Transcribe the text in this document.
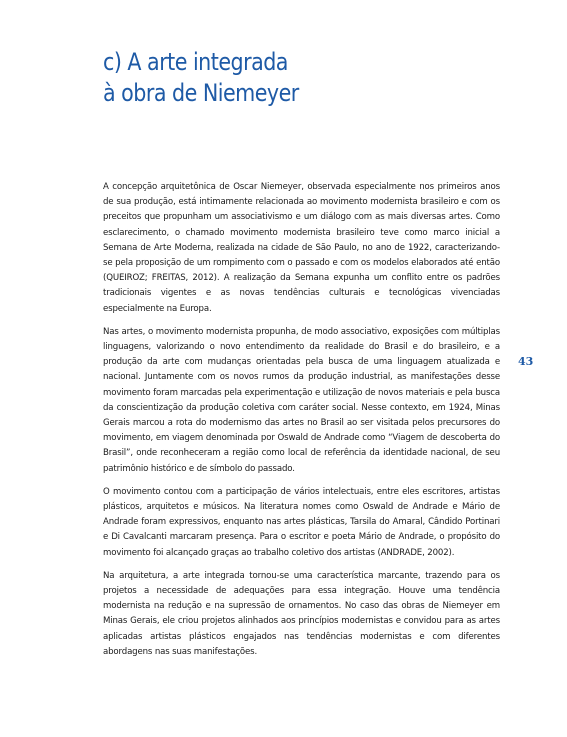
c) A arte integrada
à obra de Niemeyer

A concepção arquitetônica de Oscar Niemeyer, observada especialmente nos primeiros anos de sua produção, está intimamente relacionada ao movimento modernista brasileiro e com os preceitos que propunham um associativismo e um diálogo com as mais diversas artes. Como esclarecimento, o chamado movimento modernista brasileiro teve como marco inicial a Semana de Arte Moderna, realizada na cidade de São Paulo, no ano de 1922, caracterizando-se pela proposição de um rompimento com o passado e com os modelos elaborados até então (QUEIROZ; FREITAS, 2012). A realização da Semana expunha um conflito entre os padrões tradicionais vigentes e as novas tendências culturais e tecnológicas vivenciadas especialmente na Europa.

Nas artes, o movimento modernista propunha, de modo associativo, exposições com múltiplas linguagens, valorizando o novo entendimento da realidade do Brasil e do brasileiro, e a produção da arte com mudanças orientadas pela busca de uma linguagem atualizada e nacional. Juntamente com os novos rumos da produção industrial, as manifestações desse movimento foram marcadas pela experimentação e utilização de novos materiais e pela busca da conscientização da produção coletiva com caráter social. Nesse contexto, em 1924, Minas Gerais marcou a rota do modernismo das artes no Brasil ao ser visitada pelos precursores do movimento, em viagem denominada por Oswald de Andrade como “Viagem de descoberta do Brasil”, onde reconheceram a região como local de referência da identidade nacional, de seu patrimônio histórico e de símbolo do passado.

O movimento contou com a participação de vários intelectuais, entre eles escritores, artistas plásticos, arquitetos e músicos. Na literatura nomes como Oswald de Andrade e Mário de Andrade foram expressivos, enquanto nas artes plásticas, Tarsila do Amaral, Cândido Portinari e Di Cavalcanti marcaram presença. Para o escritor e poeta Mário de Andrade, o propósito do movimento foi alcançado graças ao trabalho coletivo dos artistas (ANDRADE, 2002).

Na arquitetura, a arte integrada tornou-se uma característica marcante, trazendo para os projetos a necessidade de adequações para essa integração. Houve uma tendência modernista na redução e na supressão de ornamentos. No caso das obras de Niemeyer em Minas Gerais, ele criou projetos alinhados aos princípios modernistas e convidou para as artes aplicadas artistas plásticos engajados nas tendências modernistas e com diferentes abordagens nas suas manifestações.

43
